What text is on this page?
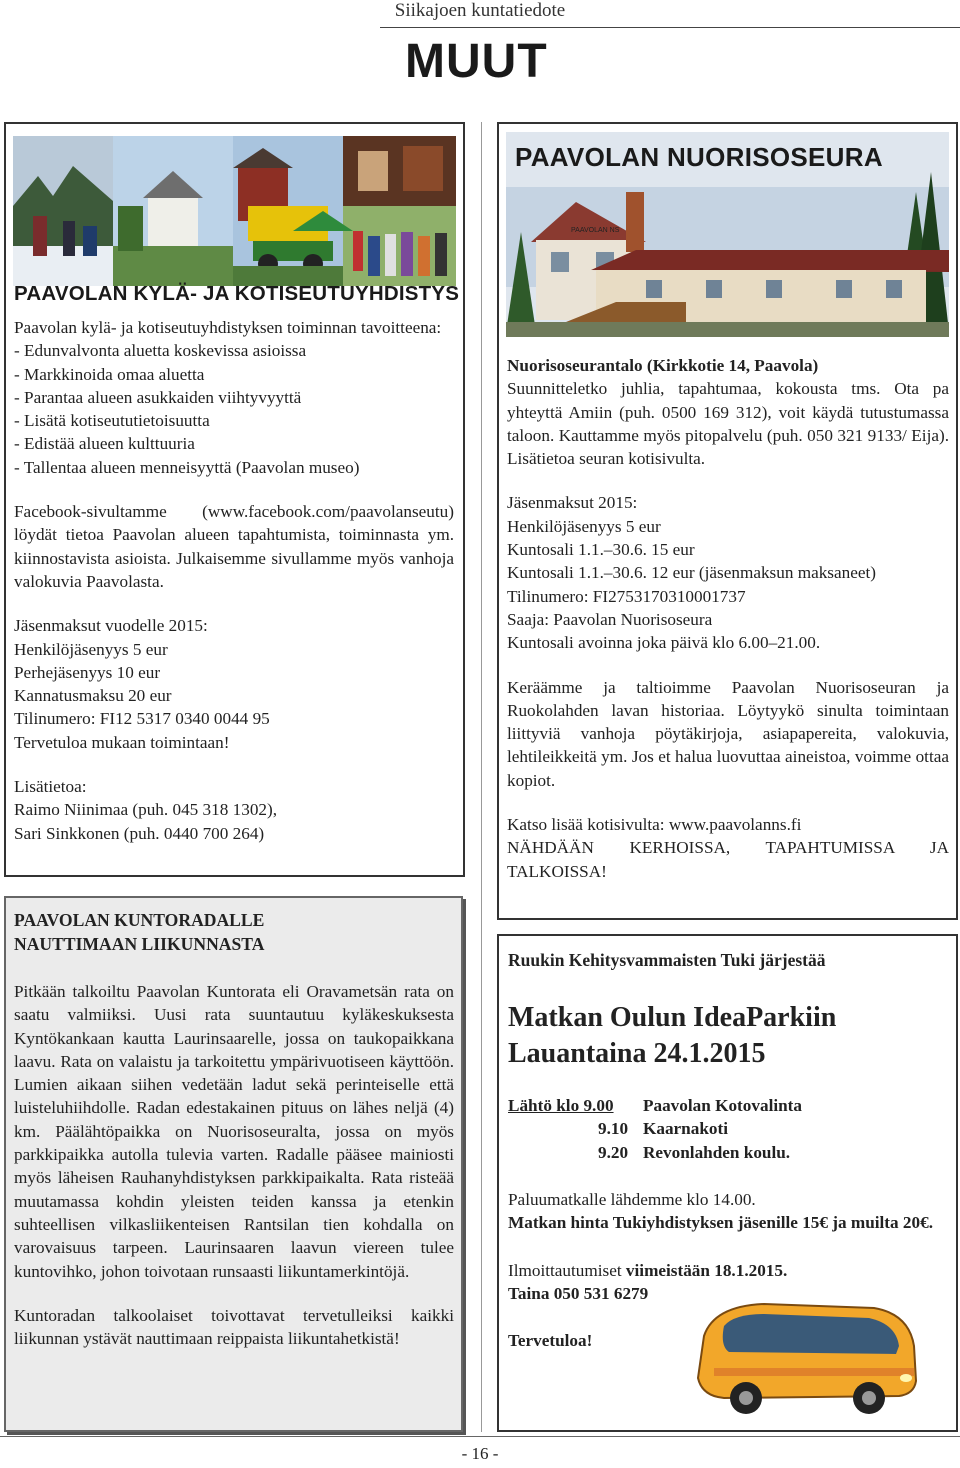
Siikajoen kuntatiedote
MUUT
PAAVOLAN KYLÄ- JA KOTISEUTUYHDISTYS

Paavolan kylä- ja kotiseutuyhdistyksen toiminnan tavoitteena:

- Edunvalvonta aluetta koskevissa asioissa

- Markkinoida omaa aluetta

- Parantaa alueen asukkaiden viihtyvyyttä

- Lisätä kotiseututietoisuutta

- Edistää alueen kulttuuria

- Tallentaa alueen menneisyyttä (Paavolan museo)

Facebook-sivultamme (www.facebook.com/paavolanseutu) löydät tietoa Paavolan alueen tapahtumista, toiminnasta ym. kiinnostavista asioista. Julkaisemme sivullamme myös vanhoja valokuvia Paavolasta.

Jäsenmaksut vuodelle 2015:

Henkilöjäsenyys 5 eur

Perhejäsenyys 10 eur

Kannatusmaksu 20 eur

Tilinumero: FI12 5317 0340 0044 95

Tervetuloa mukaan toimintaan!

Lisätietoa:

Raimo Niinimaa (puh. 045 318 1302),

Sari Sinkkonen (puh. 0440 700 264)

PAAVOLAN KUNTORADALLE

NAUTTIMAAN LIIKUNNASTA

Pitkään talkoiltu Paavolan Kuntorata eli Oravametsän rata on saatu valmiiksi. Uusi rata suuntautuu kyläkeskuksesta Kyntökankaan kautta Laurinsaarelle, jossa on taukopaikkana laavu. Rata on valaistu ja tarkoitettu ympärivuotiseen käyttöön. Lumien aikaan siihen vedetään ladut sekä perinteiselle että luisteluhiihdolle. Radan edestakainen pituus on lähes neljä (4) km. Päälähtöpaikka on Nuorisoseuralta, jossa on myös parkkipaikka autolla tulevia varten. Radalle pääsee mainiosti myös läheisen Rauhanyhdistyksen parkkipaikalta. Rata risteää muutamassa kohdin yleisten teiden kanssa ja etenkin suhteellisen vilkasliikenteisen Rantsilan tien kohdalla on varovaisuus tarpeen. Laurinsaaren laavun viereen tulee kuntovihko, johon toivotaan runsaasti liikuntamerkintöjä.

Kuntoradan talkoolaiset toivottavat tervetulleiksi kaikki liikunnan ystävät nauttimaan reippaista liikuntahetkistä!

PAAVOLAN NS
PAAVOLAN NUORISOSEURA

Nuorisoseurantalo (Kirkkotie 14, Paavola)

Suunnitteletko juhlia, tapahtumaa, kokousta tms. Ota pa yhteyttä Amiin (puh. 0500 169 312), voit käydä tutustumassa taloon. Kauttamme myös pitopalvelu (puh. 050 321 9133/ Eija). Lisätietoa seuran kotisivulta.

Jäsenmaksut 2015:

Henkilöjäsenyys 5 eur

Kuntosali 1.1.–30.6. 15 eur

Kuntosali 1.1.–30.6. 12 eur (jäsenmaksun maksaneet)

Tilinumero: FI2753170310001737

Saaja: Paavolan Nuorisoseura

Kuntosali avoinna joka päivä klo 6.00–21.00.

Keräämme ja taltioimme Paavolan Nuorisoseuran ja Ruokolahden lavan historiaa. Löytyykö sinulta toimintaan liittyviä vanhoja pöytäkirjoja, asiapapereita, valokuvia, lehtileikkeitä ym. Jos et halua luovuttaa aineistoa, voimme ottaa kopiot.

Katso lisää kotisivulta: www.paavolanns.fi

NÄHDÄÄN KERHOISSA, TAPAHTUMISSA JA TALKOISSA!

Ruukin Kehitysvammaisten Tuki järjestää

Matkan Oulun IdeaParkiin

Lauantaina 24.1.2015

Lähtö klo 9.00	Paavolan Kotovalinta
9.10 Kaarnakoti
9.20 Revonlahden koulu.

Paluumatkalle lähdemme klo 14.00.

Matkan hinta Tukiyhdistyksen jäsenille 15€ ja muilta 20€.

Ilmoittautumiset viimeistään 18.1.2015.

Taina 050 531 6279

Tervetuloa!

- 16 -
